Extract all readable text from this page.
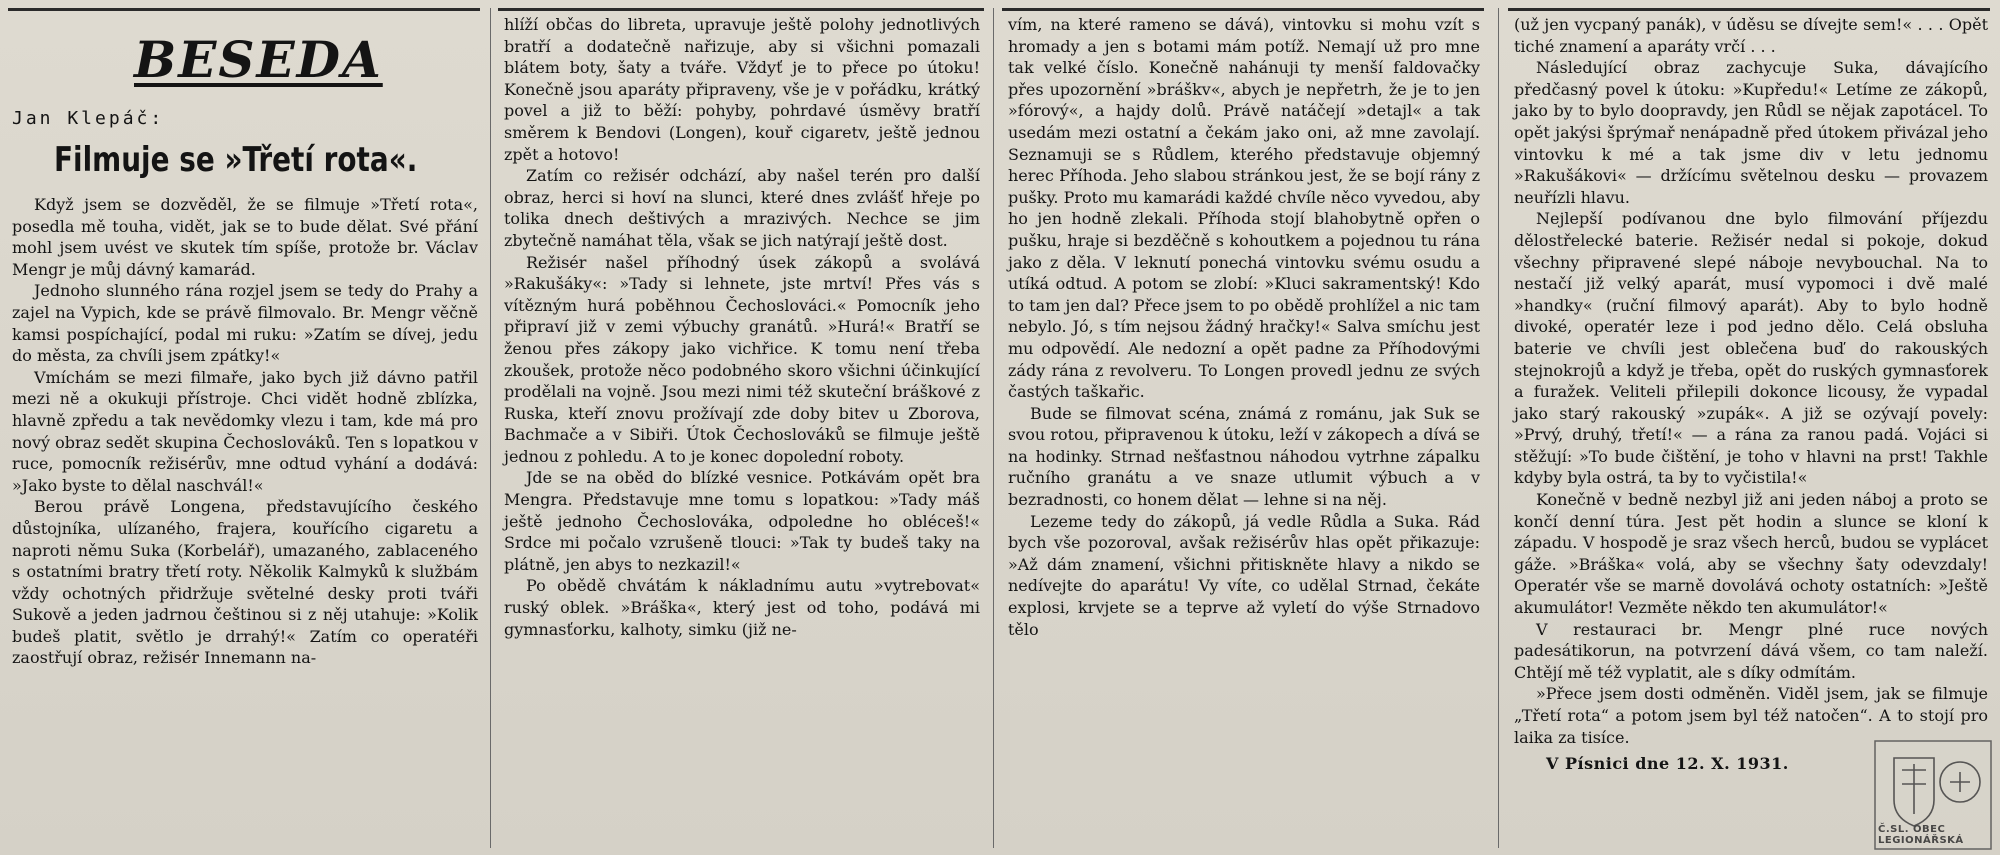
BESEDA
Jan Klepáč:
Filmuje se »Třetí rota«.

Když jsem se dozvěděl, že se filmuje »Třetí rota«, posedla mě touha, vidět, jak se to bude dělat. Své přání mohl jsem uvést ve skutek tím spíše, protože br. Václav Mengr je můj dávný kamarád.

Jednoho slunného rána rozjel jsem se tedy do Prahy a zajel na Vypich, kde se právě filmovalo. Br. Mengr věčně kamsi pospíchající, podal mi ruku: »Zatím se dívej, jedu do města, za chvíli jsem zpátky!«

Vmíchám se mezi filmaře, jako bych již dávno patřil mezi ně a okukuji přístroje. Chci vidět hodně zblízka, hlavně zpředu a tak nevědomky vlezu i tam, kde má pro nový obraz sedět skupina Čechoslováků. Ten s lopatkou v ruce, pomocník režisérův, mne odtud vyhání a dodává: »Jako byste to dělal naschvál!«

Berou právě Longena, představujícího českého důstojníka, ulízaného, frajera, kouřícího cigaretu a naproti němu Suka (Korbelář), umazaného, zablaceného s ostatními bratry třetí roty. Několik Kalmyků k službám vždy ochotných přidržuje světelné desky proti tváři Sukově a jeden jadrnou češtinou si z něj utahuje: »Kolik budeš platit, světlo je drrahý!« Zatím co operatéři zaostřují obraz, režisér Innemann na-

hlíží občas do libreta, upravuje ještě polohy jednotlivých bratří a dodatečně nařizuje, aby si všichni pomazali blátem boty, šaty a tváře. Vždyť je to přece po útoku! Konečně jsou aparáty připraveny, vše je v pořádku, krátký povel a již to běží: pohyby, pohrdavé úsměvy bratří směrem k Bendovi (Longen), kouř cigaretv, ještě jednou zpět a hotovo!

Zatím co režisér odchází, aby našel terén pro další obraz, herci si hoví na slunci, které dnes zvlášť hřeje po tolika dnech deštivých a mrazivých. Nechce se jim zbytečně namáhat těla, však se jich natýrají ještě dost.

Režisér našel příhodný úsek zákopů a svolává »Rakušáky«: »Tady si lehnete, jste mrtví! Přes vás s vítězným hurá poběhnou Čechoslováci.« Pomocník jeho připraví již v zemi výbuchy granátů. »Hurá!« Bratří se ženou přes zákopy jako vichřice. K tomu není třeba zkoušek, protože něco podobného skoro všichni účinkující prodělali na vojně. Jsou mezi nimi též skuteční bráškové z Ruska, kteří znovu prožívají zde doby bitev u Zborova, Bachmače a v Sibiři. Útok Čechoslováků se filmuje ještě jednou z pohledu. A to je konec dopolední roboty.

Jde se na oběd do blízké vesnice. Potkávám opět bra Mengra. Představuje mne tomu s lopatkou: »Tady máš ještě jednoho Čechoslováka, odpoledne ho obléceš!« Srdce mi počalo vzrušeně tlouci: »Tak ty budeš taky na plátně, jen abys to nezkazil!«

Po obědě chvátám k nákladnímu autu »vytrebovat« ruský oblek. »Bráška«, který jest od toho, podává mi gymnasťorku, kalhoty, simku (již ne-

vím, na které rameno se dává), vintovku si mohu vzít s hromady a jen s botami mám potíž. Nemají už pro mne tak velké číslo. Konečně nahánuji ty menší faldovačky přes upozornění »bráškv«, abych je nepřetrh, že je to jen »fórový«, a hajdy dolů. Právě natáčejí »detajl« a tak usedám mezi ostatní a čekám jako oni, až mne zavolají. Seznamuji se s Růdlem, kterého představuje objemný herec Příhoda. Jeho slabou stránkou jest, že se bojí rány z pušky. Proto mu kamarádi každé chvíle něco vyvedou, aby ho jen hodně zlekali. Příhoda stojí blahobytně opřen o pušku, hraje si bezděčně s kohoutkem a pojednou tu rána jako z děla. V leknutí ponechá vintovku svému osudu a utíká odtud. A potom se zlobí: »Kluci sakramentský! Kdo to tam jen dal? Přece jsem to po obědě prohlížel a nic tam nebylo. Jó, s tím nejsou žádný hračky!« Salva smíchu jest mu odpovědí. Ale nedozní a opět padne za Příhodovými zády rána z revolveru. To Longen provedl jednu ze svých častých taškařic.

Bude se filmovat scéna, známá z románu, jak Suk se svou rotou, připravenou k útoku, leží v zákopech a dívá se na hodinky. Strnad nešťastnou náhodou vytrhne zápalku ručního granátu a ve snaze utlumit výbuch a v bezradnosti, co honem dělat — lehne si na něj.

Lezeme tedy do zákopů, já vedle Růdla a Suka. Rád bych vše pozoroval, avšak režisérův hlas opět přikazuje: »Až dám znamení, všichni přitiskněte hlavy a nikdo se nedívejte do aparátu! Vy víte, co udělal Strnad, čekáte explosi, krvjete se a teprve až vyletí do výše Strnadovo tělo

(už jen vycpaný panák), v úděsu se dívejte sem!« . . . Opět tiché znamení a aparáty vrčí . . .

Následující obraz zachycuje Suka, dávajícího předčasný povel k útoku: »Kupředu!« Letíme ze zákopů, jako by to bylo doopravdy, jen Růdl se nějak zapotácel. To opět jakýsi šprýmař nenápadně před útokem přivázal jeho vintovku k mé a tak jsme div v letu jednomu »Rakušákovi« — držícímu světelnou desku — provazem neuřízli hlavu.

Nejlepší podívanou dne bylo filmování příjezdu dělostřelecké baterie. Režisér nedal si pokoje, dokud všechny připravené slepé náboje nevybouchal. Na to nestačí již velký aparát, musí vypomoci i dvě malé »handky« (ruční filmový aparát). Aby to bylo hodně divoké, operatér leze i pod jedno dělo. Celá obsluha baterie ve chvíli jest oblečena buď do rakouských stejnokrojů a když je třeba, opět do ruských gymnasťorek a furažek. Veliteli přilepili dokonce licousy, že vypadal jako starý rakouský »zupák«. A již se ozývají povely: »Prvý, druhý, třetí!« — a rána za ranou padá. Vojáci si stěžují: »To bude čištění, je toho v hlavni na prst! Takhle kdyby byla ostrá, ta by to vyčistila!«

Konečně v bedně nezbyl již ani jeden náboj a proto se končí denní túra. Jest pět hodin a slunce se kloní k západu. V hospodě je sraz všech herců, budou se vyplácet gáže. »Bráška« volá, aby se všechny šaty odevzdaly! Operatér vše se marně dovolává ochoty ostatních: »Ještě akumulátor! Vezměte někdo ten akumulátor!«

V restauraci br. Mengr plné ruce nových padesátikorun, na potvrzení dává všem, co tam naleží. Chtějí mě též vyplatit, ale s díky odmítám.

»Přece jsem dosti odměněn. Viděl jsem, jak se filmuje „Třetí rota“ a potom jsem byl též natočen“. A to stojí pro laika za tisíce.

V Písnici dne 12. X. 1931.
Č.SL. OBEC LEGIONÁŘSKÁ
